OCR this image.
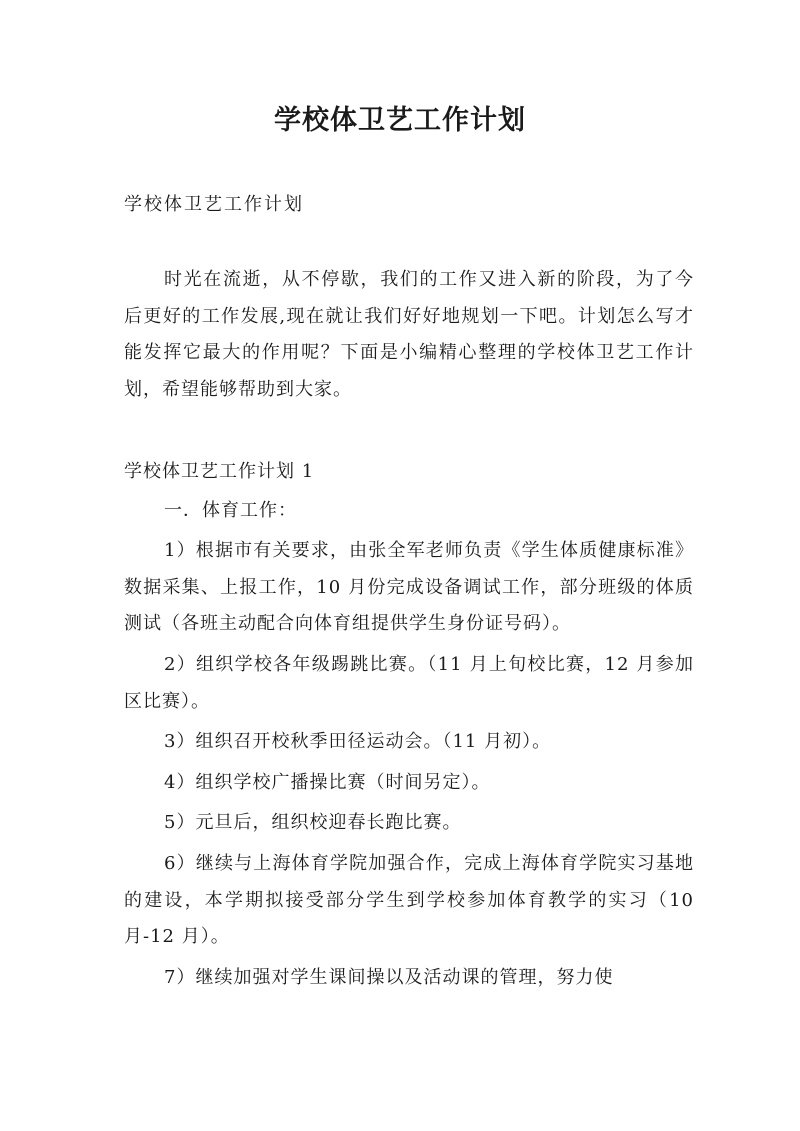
学校体卫艺工作计划

学校体卫艺工作计划

时光在流逝，从不停歇，我们的工作又进入新的阶段，为了今后更好的工作发展,现在就让我们好好地规划一下吧。计划怎么写才能发挥它最大的作用呢？下面是小编精心整理的学校体卫艺工作计划，希望能够帮助到大家。

学校体卫艺工作计划 1

一．体育工作：

1）根据市有关要求，由张全军老师负责《学生体质健康标准》数据采集、上报工作，10 月份完成设备调试工作，部分班级的体质测试（各班主动配合向体育组提供学生身份证号码）。

2）组织学校各年级踢跳比赛。（11 月上旬校比赛，12 月参加区比赛）。

3）组织召开校秋季田径运动会。（11 月初）。

4）组织学校广播操比赛（时间另定）。

5）元旦后，组织校迎春长跑比赛。

6）继续与上海体育学院加强合作，完成上海体育学院实习基地的建设，本学期拟接受部分学生到学校参加体育教学的实习（10 月-12 月）。

7）继续加强对学生课间操以及活动课的管理，努力使
